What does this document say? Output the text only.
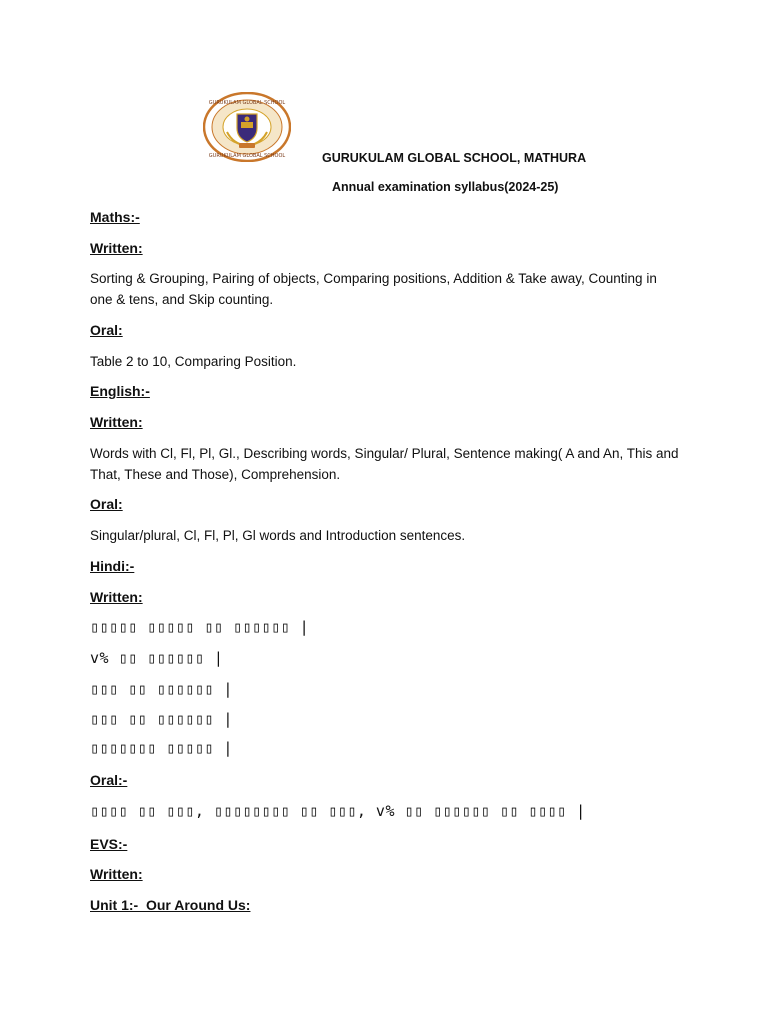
GURUKULAM GLOBAL SCHOOL
GURUKULAM GLOBAL SCHOOL	GURUKULAM GLOBAL SCHOOL, MATHURA
Annual examination syllabus(2024-25)
Maths:-
Written:
Sorting & Grouping, Pairing of objects, Comparing positions, Addition & Take away, Counting in one & tens, and Skip counting.
Oral:
Table 2 to 10, Comparing Position.
English:-
Written:
Words with Cl, Fl, Pl, Gl., Describing words, Singular/ Plural, Sentence making( A and An, This and That, These and Those), Comprehension.
Oral:
Singular/plural, Cl, Fl, Pl, Gl words and Introduction sentences.
Hindi:-
Written:
▯▯▯▯▯ ▯▯▯▯▯ ▯▯ ▯▯▯▯▯▯ |
v% ▯▯ ▯▯▯▯▯▯ |
▯▯▯ ▯▯ ▯▯▯▯▯▯ |
▯▯▯ ▯▯ ▯▯▯▯▯▯ |
▯▯▯▯▯▯▯ ▯▯▯▯▯ |
Oral:-
▯▯▯▯ ▯▯ ▯▯▯, ▯▯▯▯▯▯▯▯ ▯▯ ▯▯▯, v% ▯▯ ▯▯▯▯▯▯ ▯▯ ▯▯▯▯ |
EVS:-
Written:
Unit 1:-  Our Around Us:
